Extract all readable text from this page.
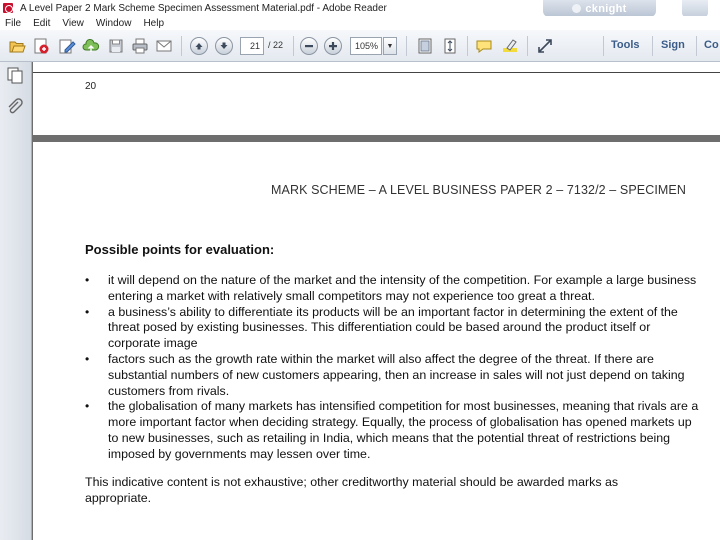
A Level Paper 2 Mark Scheme Specimen Assessment Material.pdf - Adobe Reader	cknight
File Edit View Window Help
21 / 22	105%	▼	Tools Sign Co
20
MARK SCHEME – A LEVEL BUSINESS PAPER 2 – 7132/2 – SPECIMEN
Possible points for evaluation:
• it will depend on the nature of the market and the intensity of the competition. For example a large business entering a market with relatively small competitors may not experience too great a threat.
• a business’s ability to differentiate its products will be an important factor in determining the extent of the threat posed by existing businesses. This differentiation could be based around the product itself or corporate image
• factors such as the growth rate within the market will also affect the degree of the threat. If there are substantial numbers of new customers appearing, then an increase in sales will not just depend on taking customers from rivals.
• the globalisation of many markets has intensified competition for most businesses, meaning that rivals are a more important factor when deciding strategy. Equally, the process of globalisation has opened markets up to new businesses, such as retailing in India, which means that the potential threat of restrictions being imposed by governments may lessen over time.
This indicative content is not exhaustive; other creditworthy material should be awarded marks as appropriate.
